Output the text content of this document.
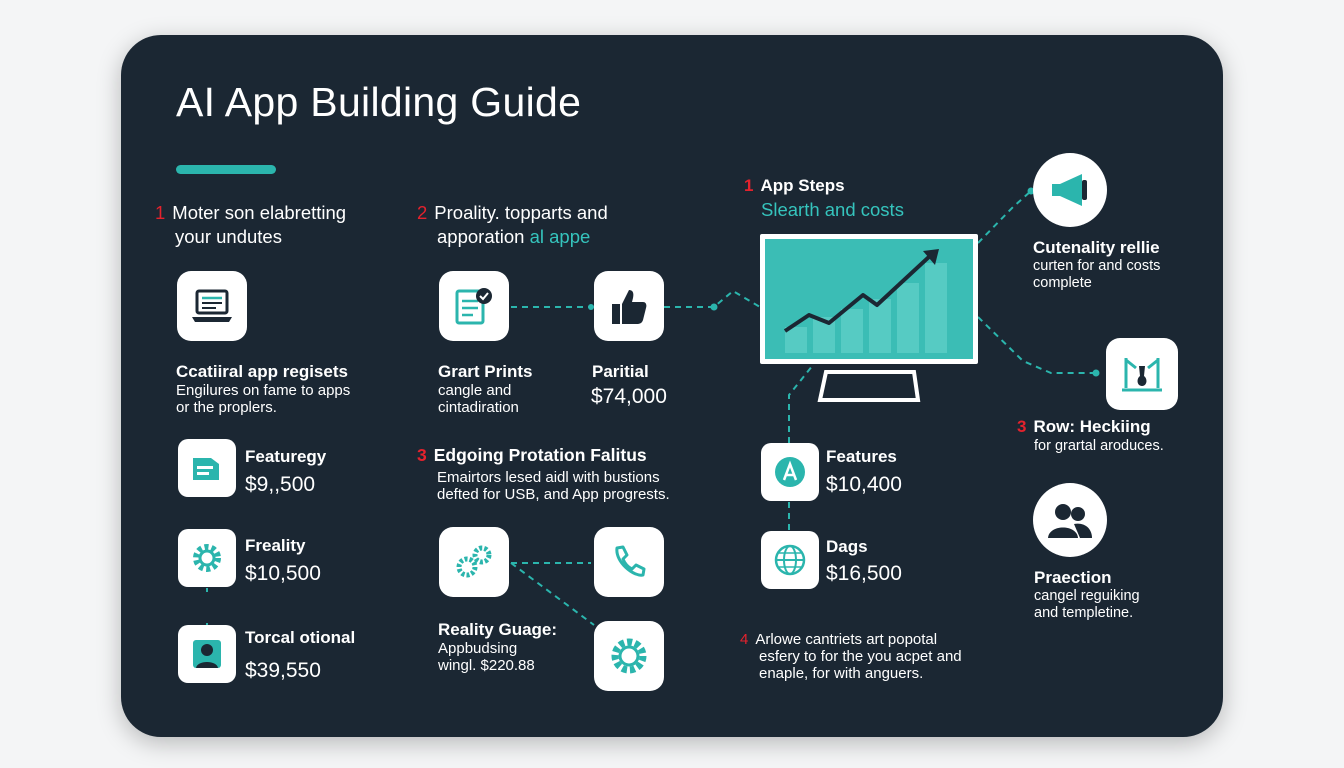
AI App Building Guide
1 Moter son elabretting
your undutes
Ccatiiral app regisets
Engilures on fame to apps
or the proplers.
Featuregy
$9,,500
Freality
$10,500
Torcal otional
$39,550
2 Proality. topparts and
apporation al appe
Grart Prints
cangle and
cintadiration
Paritial
$74,000
3 Edgoing Protation Falitus
Emairtors lesed aidl with bustions
defted for USB, and App progrests.
Reality Guage:
Appbudsing
wingl. $220.88
1 App Steps
Slearth and costs
Features
$10,400
Dags
$16,500
4 Arlowe cantriets art popotal
esfery to for the you acpet and
enaple, for with anguers.
Cutenality rellie
curten for and costs
complete
3 Row: Heckiing
for grartal aroduces.
Praection
cangel reguiking
and templetine.
